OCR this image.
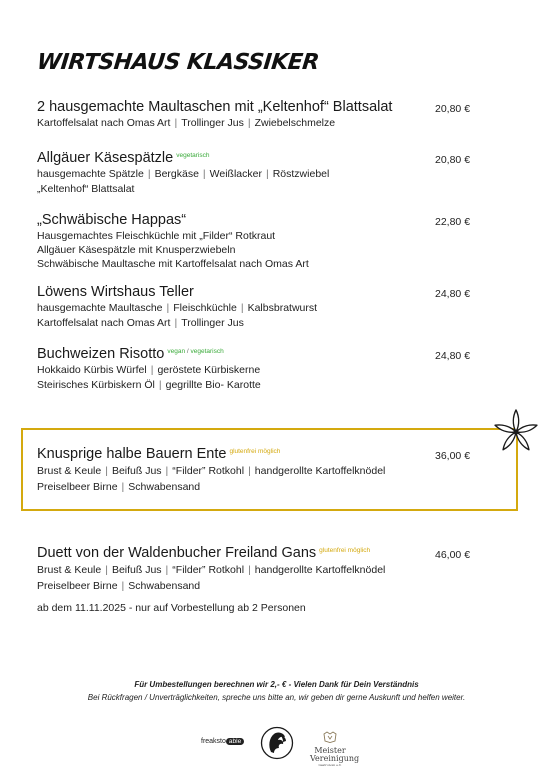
WIRTSHAUS KLASSIKER
2 hausgemachte Maultaschen mit „Keltenhof“ Blattsalat
Kartoffelsalat nach Omas Art | Trollinger Jus | Zwiebelschmelze
20,80 €
Allgäuer Käsespätzle $^{vegetarisch}$
hausgemachte Spätzle | Bergkäse | Weißlacker | Röstzwiebel
„Keltenhof“ Blattsalat
20,80 €
„Schwäbische Happas“
Hausgemachtes Fleischküchle mit „Filder“ Rotkraut
Allgäuer Käsespätzle mit Knusperzwiebeln
Schwäbische Maultasche mit Kartoffelsalat nach Omas Art
22,80 €
Löwens Wirtshaus Teller
hausgemachte Maultasche | Fleischküchle | Kalbsbratwurst
Kartoffelsalat nach Omas Art | Trollinger Jus
24,80 €
Buchweizen Risotto $^{vegan / vegetarisch}$
Hokkaido Kürbis Würfel | geröstete Kürbiskerne
Steirisches Kürbiskern Öl | gegrillte Bio- Karotte
24,80 €
Knusprige halbe Bauern Ente $^{glutenfrei möglich}$
Brust & Keule | Beifuß Jus | “Filder” Rotkohl | handgerollte Kartoffelknödel
Preiselbeer Birne | Schwabensand
36,00 €
Duett von der Waldenbucher Freiland Gans $^{glutenfrei möglich}$
Brust & Keule | Beifuß Jus | “Filder” Rotkohl | handgerollte Kartoffelknödel
Preiselbeer Birne | Schwabensand
46,00 €
ab dem 11.11.2025 - nur auf Vorbestellung ab 2 Personen
Für Umbestellungen berechnen wir 2,- € - Vielen Dank für Dein Verständnis
Bei Rückfragen / Unverträglichkeiten, spreche uns bitte an, wir geben dir gerne Auskunft und helfen weiter.
freaksto able
Meister
Vereinigung
Gastronom e.V.
